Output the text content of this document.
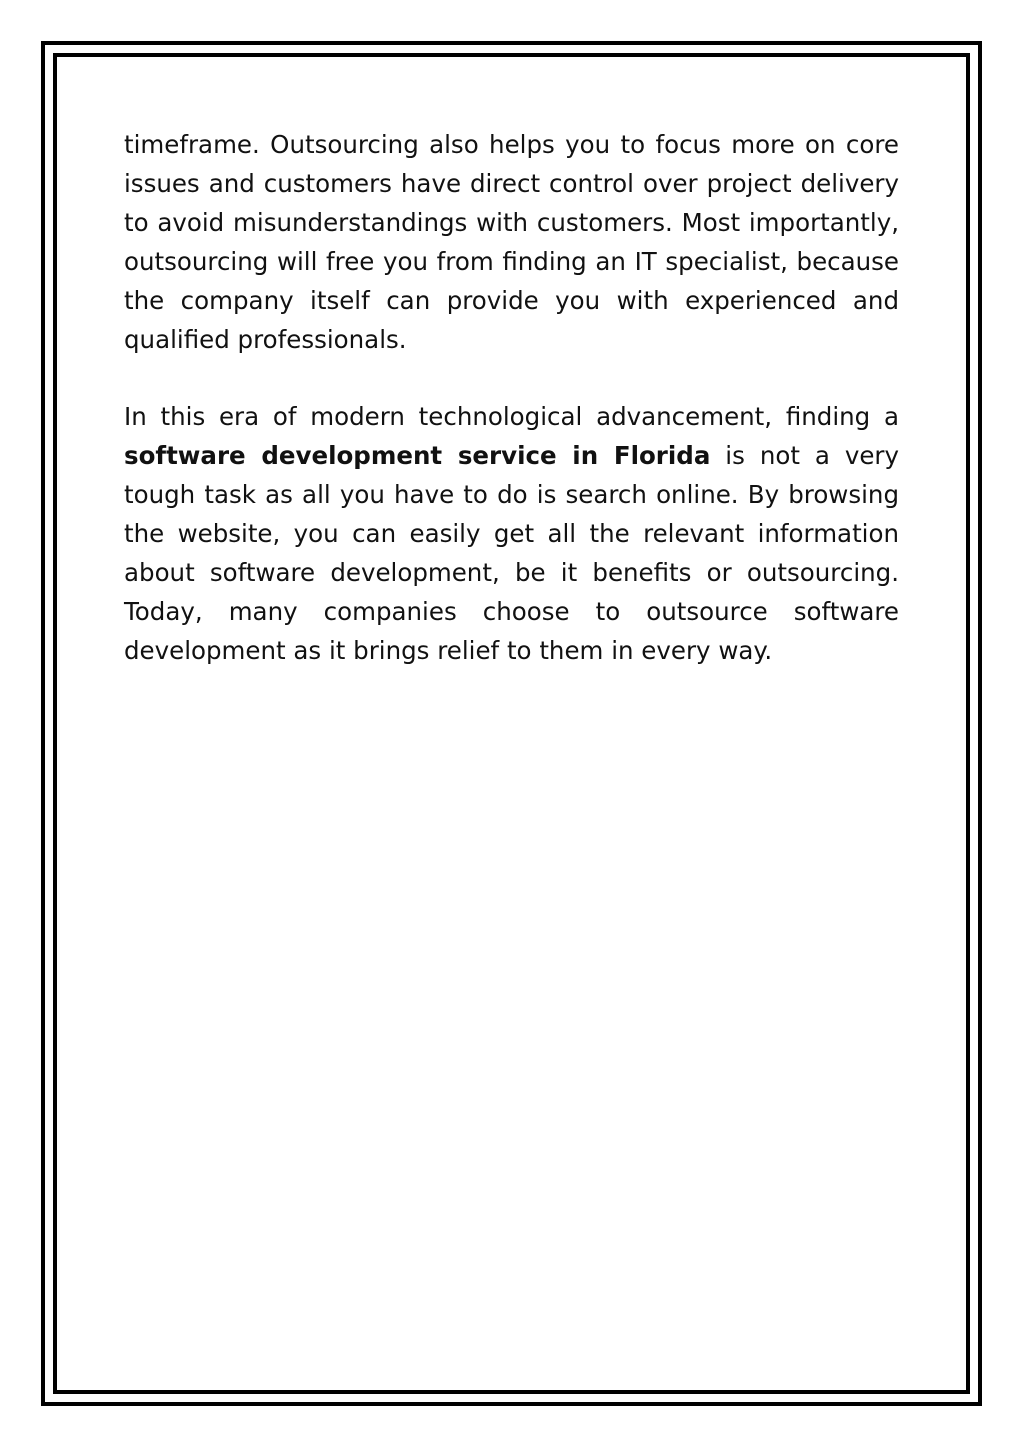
timeframe. Outsourcing also helps you to focus more on core issues and customers have direct control over project delivery to avoid misunderstandings with customers. Most importantly, outsourcing will free you from finding an IT specialist, because the company itself can provide you with experienced and qualified professionals.

In this era of modern technological advancement, finding a software development service in Florida is not a very tough task as all you have to do is search online. By browsing the website, you can easily get all the relevant information about software development, be it benefits or outsourcing. Today, many companies choose to outsource software development as it brings relief to them in every way.
